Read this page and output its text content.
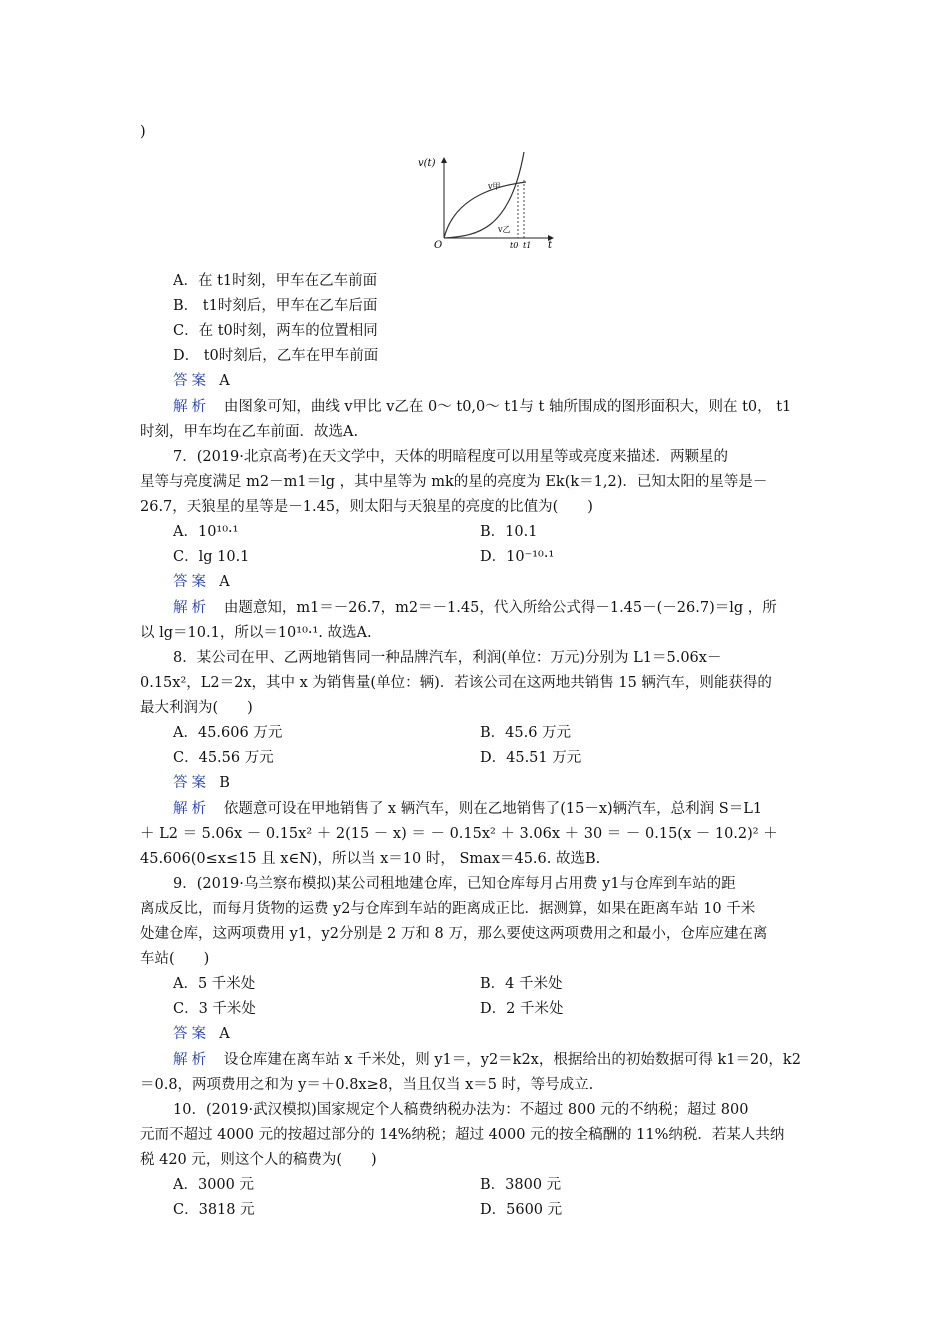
)
v(t)
O	t
v甲
v乙
t0 t1
A．在 t1时刻，甲车在乙车前面
B． t1时刻后，甲车在乙车后面
C．在 t0时刻，两车的位置相同
D． t0时刻后，乙车在甲车前面
答案 A
解析 由图象可知，曲线 v甲比 v乙在 0～ t0,0～ t1与 t 轴所围成的图形面积大，则在 t0， t1
时刻，甲车均在乙车前面．故选A.
7．(2019·北京高考)在天文学中，天体的明暗程度可以用星等或亮度来描述．两颗星的
星等与亮度满足 m2－m1＝lg ，其中星等为 mk的星的亮度为 Ek(k＝1,2)．已知太阳的星等是－
26.7，天狼星的星等是－1.45，则太阳与天狼星的亮度的比值为(　　)
A．10¹⁰·¹	B．10.1
C．lg 10.1	D．10⁻¹⁰·¹
答案 A
解析 由题意知，m1＝－26.7，m2＝－1.45，代入所给公式得－1.45－(－26.7)＝lg ，所
以 lg＝10.1，所以＝10¹⁰·¹. 故选A.
8．某公司在甲、乙两地销售同一种品牌汽车，利润(单位：万元)分别为 L1＝5.06x－
0.15x²，L2＝2x，其中 x 为销售量(单位：辆)．若该公司在这两地共销售 15 辆汽车，则能获得的
最大利润为(　　)
A．45.606 万元	B．45.6 万元
C．45.56 万元	D．45.51 万元
答案 B
解析 依题意可设在甲地销售了 x 辆汽车，则在乙地销售了(15－x)辆汽车，总利润 S＝L1
＋ L2 ＝ 5.06x － 0.15x² ＋ 2(15 － x) ＝ － 0.15x² ＋ 3.06x ＋ 30 ＝ － 0.15(x － 10.2)² ＋
45.606(0≤x≤15 且 x∈N)，所以当 x＝10 时， Smax＝45.6. 故选B.
9．(2019·乌兰察布模拟)某公司租地建仓库，已知仓库每月占用费 y1与仓库到车站的距
离成反比，而每月货物的运费 y2与仓库到车站的距离成正比．据测算，如果在距离车站 10 千米
处建仓库，这两项费用 y1，y2分别是 2 万和 8 万，那么要使这两项费用之和最小，仓库应建在离
车站(　　)
A．5 千米处	B．4 千米处
C．3 千米处	D．2 千米处
答案 A
解析 设仓库建在离车站 x 千米处，则 y1＝，y2＝k2x，根据给出的初始数据可得 k1＝20，k2
＝0.8，两项费用之和为 y＝＋0.8x≥8，当且仅当 x＝5 时，等号成立.
10．(2019·武汉模拟)国家规定个人稿费纳税办法为：不超过 800 元的不纳税；超过 800
元而不超过 4000 元的按超过部分的 14%纳税；超过 4000 元的按全稿酬的 11%纳税．若某人共纳
税 420 元，则这个人的稿费为(　　)
A．3000 元	B．3800 元
C．3818 元	D．5600 元
